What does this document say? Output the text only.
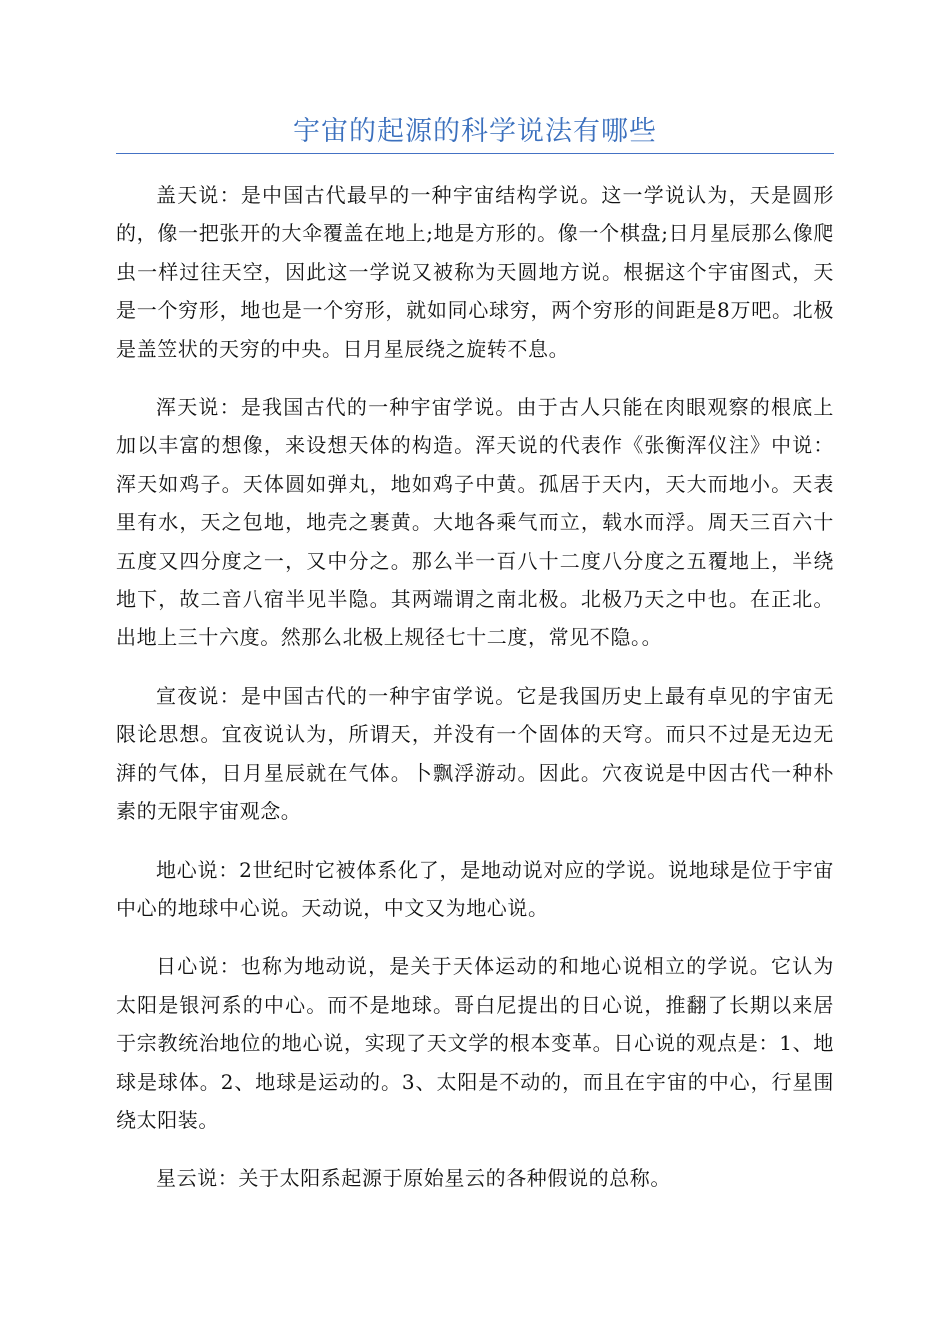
宇宙的起源的科学说法有哪些

盖天说：是中国古代最早的一种宇宙结构学说。这一学说认为，天是圆形的，像一把张开的大伞覆盖在地上;地是方形的。像一个棋盘;日月星辰那么像爬虫一样过往天空，因此这一学说又被称为天圆地方说。根据这个宇宙图式，天是一个穷形，地也是一个穷形，就如同心球穷，两个穷形的间距是8万吧。北极是盖笠状的天穷的中央。日月星辰绕之旋转不息。

浑天说：是我国古代的一种宇宙学说。由于古人只能在肉眼观察的根底上加以丰富的想像，来设想天体的构造。浑天说的代表作《张衡浑仪注》中说：浑天如鸡子。天体圆如弹丸，地如鸡子中黄。孤居于天内，天大而地小。天表里有水，天之包地，地壳之裹黄。大地各乘气而立，载水而浮。周天三百六十五度又四分度之一，又中分之。那么半一百八十二度八分度之五覆地上，半绕地下，故二音八宿半见半隐。其两端谓之南北极。北极乃天之中也。在正北。出地上三十六度。然那么北极上规径七十二度，常见不隐。。

宣夜说：是中国古代的一种宇宙学说。它是我国历史上最有卓见的宇宙无限论思想。宜夜说认为，所谓天，并没有一个固体的天穹。而只不过是无边无湃的气体，日月星辰就在气体。卜飘浮游动。因此。穴夜说是中因古代一种朴素的无限宇宙观念。

地心说：2世纪时它被体系化了，是地动说对应的学说。说地球是位于宇宙中心的地球中心说。天动说，中文又为地心说。

日心说：也称为地动说，是关于天体运动的和地心说相立的学说。它认为太阳是银河系的中心。而不是地球。哥白尼提出的日心说，推翻了长期以来居于宗教统治地位的地心说，实现了天文学的根本变革。日心说的观点是：1、地球是球体。2、地球是运动的。3、太阳是不动的，而且在宇宙的中心，行星围绕太阳装。

星云说：关于太阳系起源于原始星云的各种假说的总称。
